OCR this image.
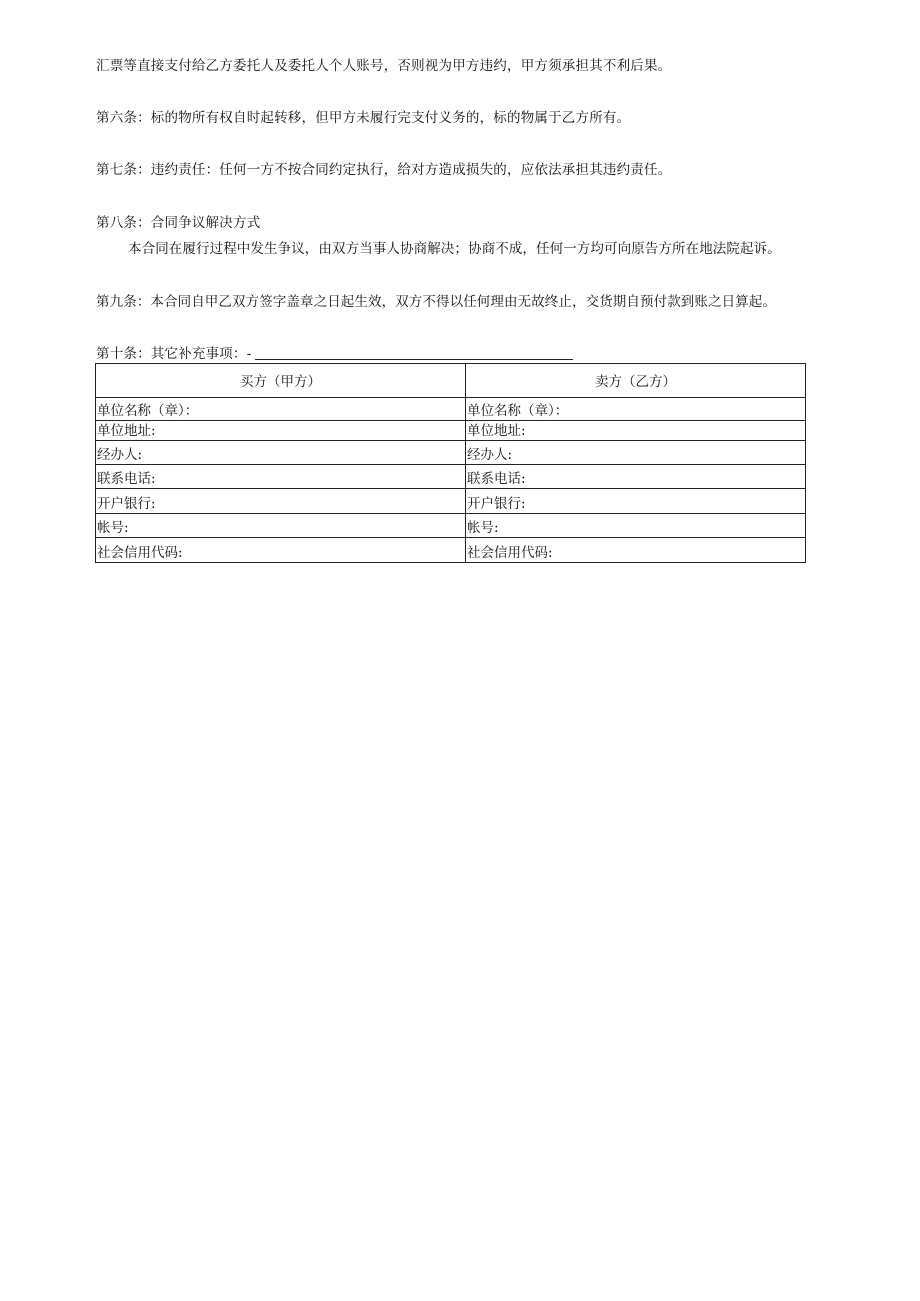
汇票等直接支付给乙方委托人及委托人个人账号，否则视为甲方违约，甲方须承担其不利后果。
第六条：标的物所有权自时起转移，但甲方未履行完支付义务的，标的物属于乙方所有。
第七条：违约责任：任何一方不按合同约定执行，给对方造成损失的，应依法承担其违约责任。
第八条：合同争议解决方式
本合同在履行过程中发生争议，由双方当事人协商解决；协商不成，任何一方均可向原告方所在地法院起诉。
第九条：本合同自甲乙双方签字盖章之日起生效，双方不得以任何理由无故终止，交货期自预付款到账之日算起。
第十条：其它补充事项：-
买方（甲方）	卖方（乙方）
单位名称（章）：	单位名称（章）：
单位地址:	单位地址:
经办人:	经办人:
联系电话:	联系电话:
开户银行:	开户银行:
帐号:	帐号:
社会信用代码:	社会信用代码:
